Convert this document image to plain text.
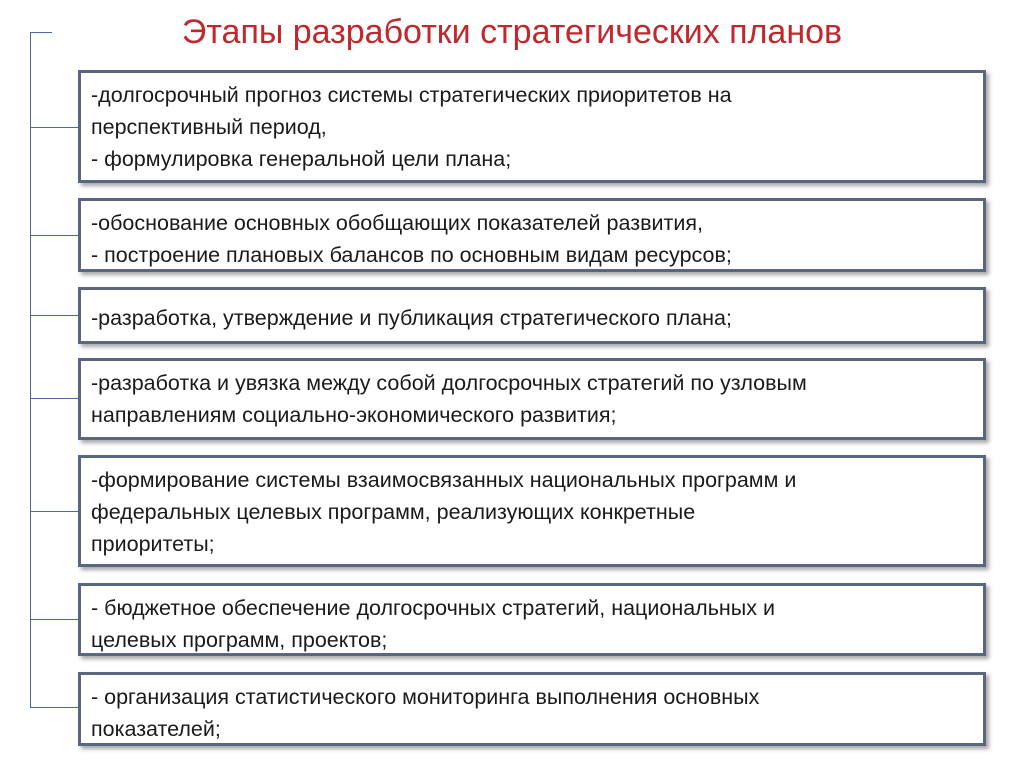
Этапы разработки стратегических планов
-долгосрочный прогноз системы стратегических приоритетов на
перспективный период,
- формулировка генеральной цели плана;
-обоснование основных обобщающих показателей развития,
- построение плановых балансов по основным видам ресурсов;
-разработка, утверждение и публикация стратегического плана;
-разработка и увязка между собой долгосрочных стратегий по узловым
направлениям социально-экономического развития;
-формирование системы взаимосвязанных национальных программ и
федеральных целевых программ, реализующих конкретные
приоритеты;
- бюджетное обеспечение долгосрочных стратегий, национальных и
целевых программ, проектов;
- организация статистического мониторинга выполнения основных
показателей;
